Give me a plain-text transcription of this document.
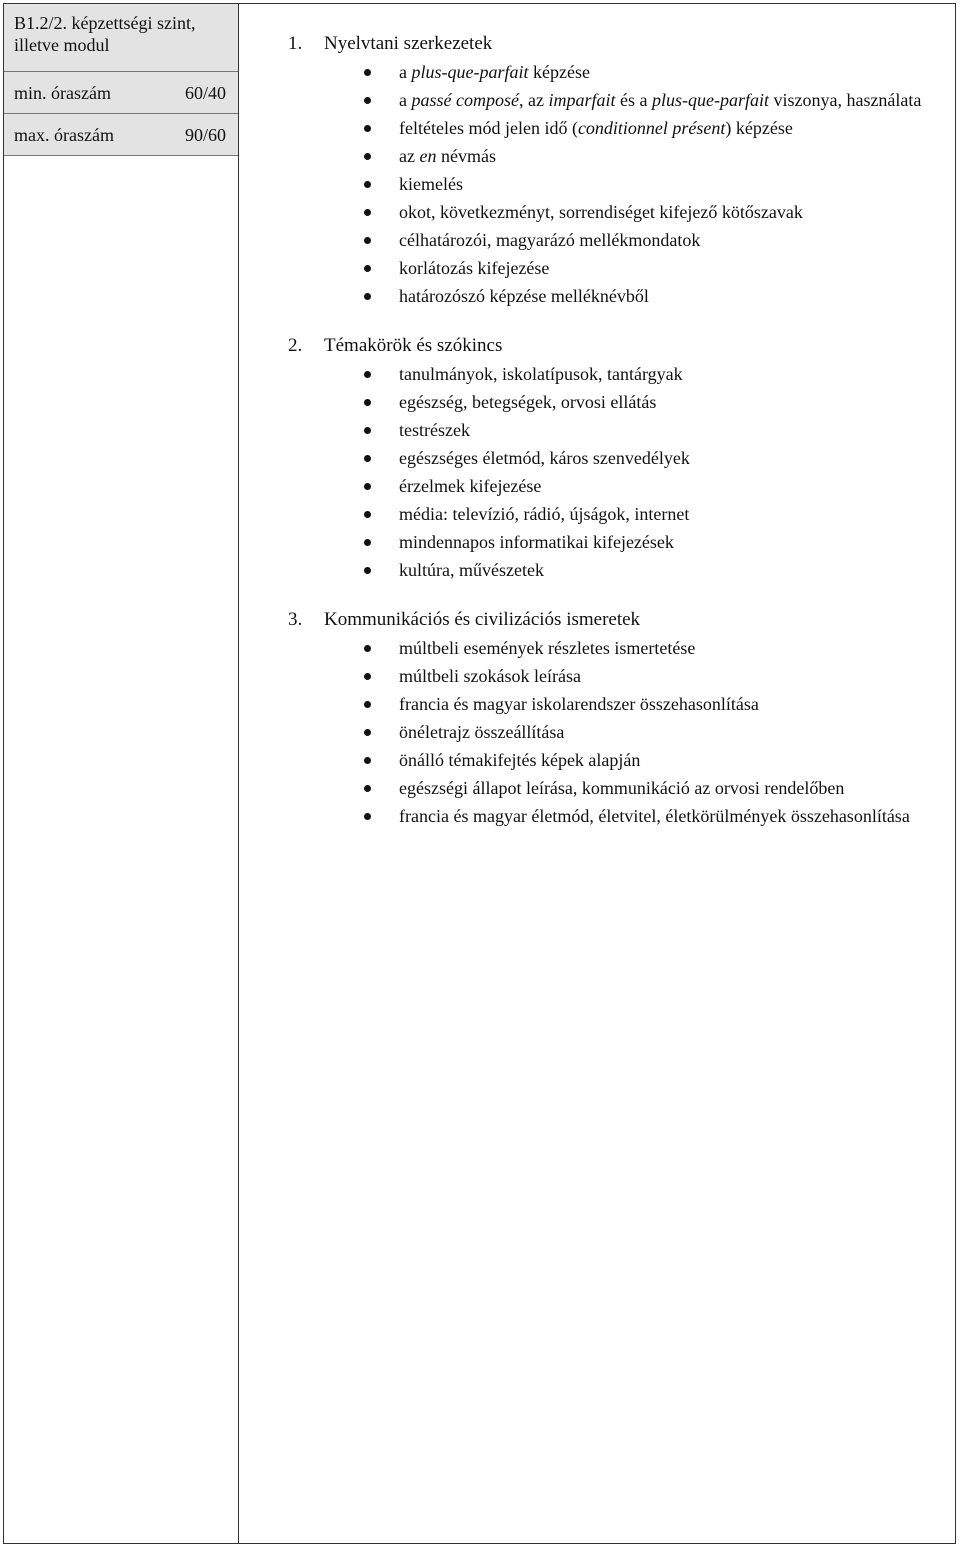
B1.2/2. képzettségi szint, illetve modul
min. óraszám	60/40
max. óraszám	90/60
1.	Nyelvtani szerkezetek
a plus-que-parfait képzése
a passé composé, az imparfait és a plus-que-parfait viszonya, használata
feltételes mód jelen idő (conditionnel présent) képzése
az en névmás
kiemelés
okot, következményt, sorrendiséget kifejező kötőszavak
célhatározói, magyarázó mellékmondatok
korlátozás kifejezése
határozószó képzése melléknévből
2.	Témakörök és szókincs
tanulmányok, iskolatípusok, tantárgyak
egészség, betegségek, orvosi ellátás
testrészek
egészséges életmód, káros szenvedélyek
érzelmek kifejezése
média: televízió, rádió, újságok, internet
mindennapos informatikai kifejezések
kultúra, művészetek
3.	Kommunikációs és civilizációs ismeretek
múltbeli események részletes ismertetése
múltbeli szokások leírása
francia és magyar iskolarendszer összehasonlítása
önéletrajz összeállítása
önálló témakifejtés képek alapján
egészségi állapot leírása, kommunikáció az orvosi rendelőben
francia és magyar életmód, életvitel, életkörülmények összehasonlítása
